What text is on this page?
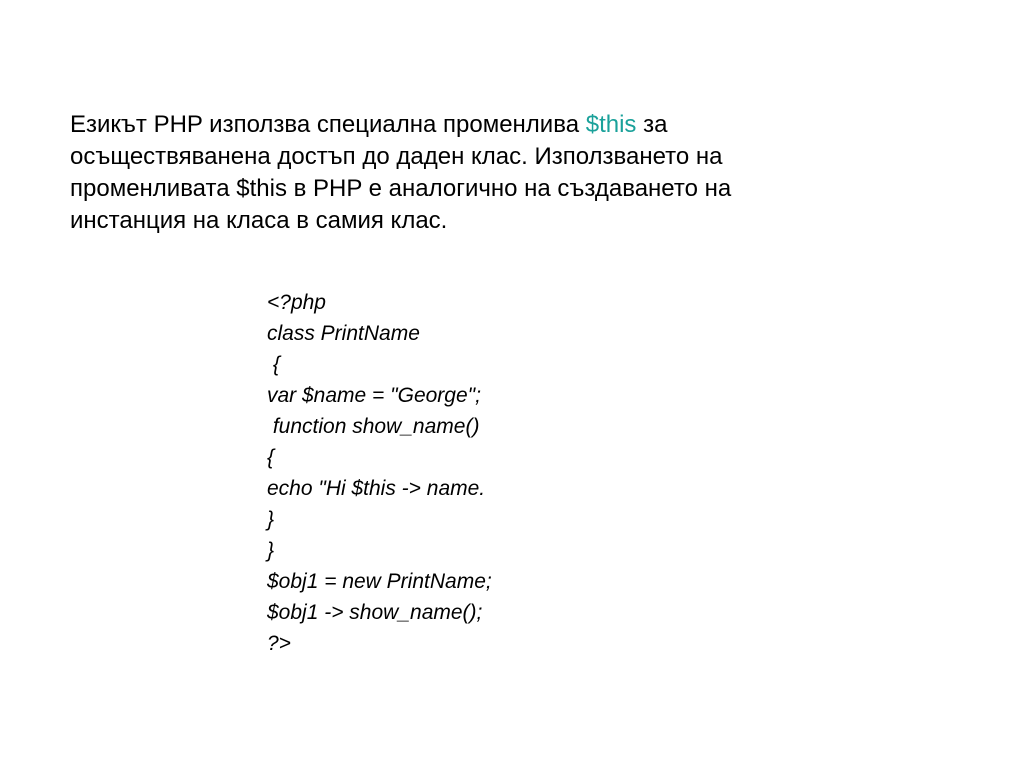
Езикът PHP използва специална променлива $this за
осъществяванена достъп до даден клас. Използването на
променливата $this в PHP е аналогично на създаването на
инстанция на класа в самия клас.

<?php
class PrintName
{
var $name = "George";
function show_name()
{
echo "Hi $this -> name.
}
}
$obj1 = new PrintName;
$obj1 -> show_name();
?>
